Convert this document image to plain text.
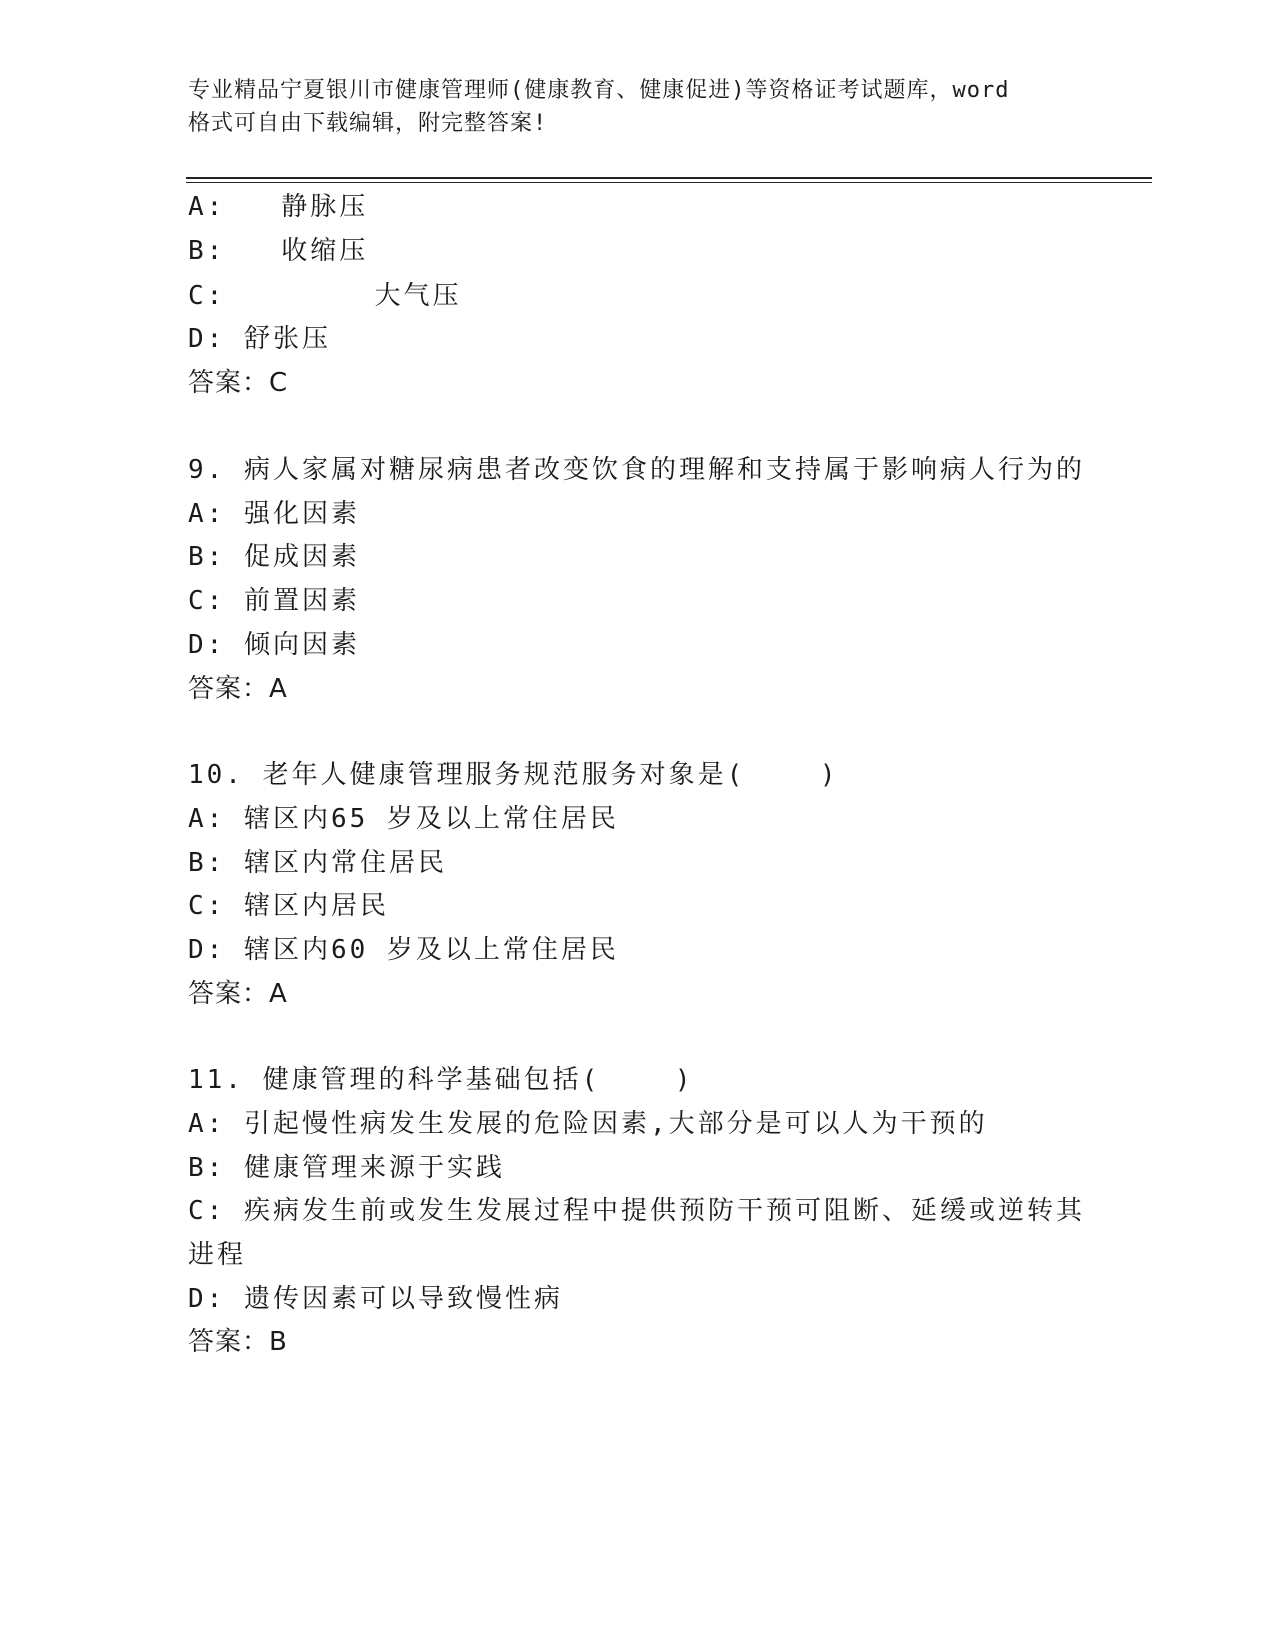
专业精品宁夏银川市健康管理师(健康教育、健康促进)等资格证考试题库，word
格式可自由下载编辑，附完整答案!
A:   静脉压
B:   收缩压
C:        大气压
D: 舒张压
答案：C
9. 病人家属对糖尿病患者改变饮食的理解和支持属于影响病人行为的
A: 强化因素
B: 促成因素
C: 前置因素
D: 倾向因素
答案：A
10. 老年人健康管理服务规范服务对象是(    )
A: 辖区内65 岁及以上常住居民
B: 辖区内常住居民
C: 辖区内居民
D: 辖区内60 岁及以上常住居民
答案：A
11. 健康管理的科学基础包括(    )
A: 引起慢性病发生发展的危险因素,大部分是可以人为干预的
B: 健康管理来源于实践
C: 疾病发生前或发生发展过程中提供预防干预可阻断、延缓或逆转其
进程
D: 遗传因素可以导致慢性病
答案：B
